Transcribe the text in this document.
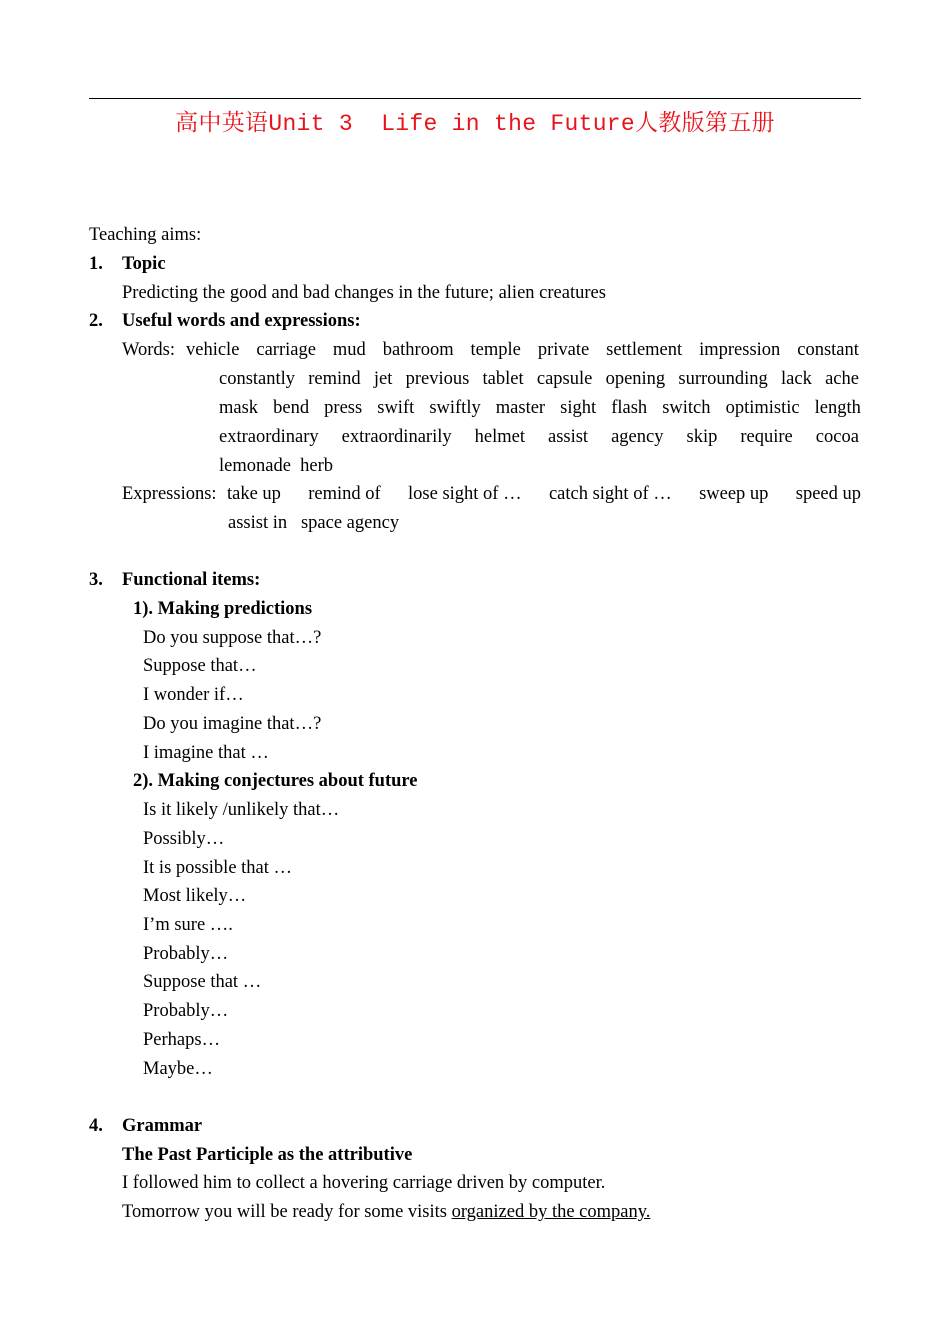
高中英语Unit 3  Life in the Future人教版第五册
Teaching aims:
1. Topic
Predicting the good and bad changes in the future; alien creatures
2. Useful words and expressions:
Words: vehicle carriage mud bathroom temple private settlement impression constant
constantly remind jet previous tablet capsule opening surrounding lack ache
mask bend press swift swiftly master sight flash switch optimistic length
extraordinary extraordinarily helmet assist agency skip require cocoa
lemonade  herb
Expressions: take up remind of lose sight of … catch sight of … sweep up speed up
assist in   space agency
3. Functional items:
1). Making predictions
Do you suppose that…?
Suppose that…
I wonder if…
Do you imagine that…?
I imagine that …
2). Making conjectures about future
Is it likely /unlikely that…
Possibly…
It is possible that …
Most likely…
I’m sure ….
Probably…
Suppose that …
Probably…
Perhaps…
Maybe…
4. Grammar
The Past Participle as the attributive
I followed him to collect a hovering carriage driven by computer.
Tomorrow you will be ready for some visits organized by the company.
